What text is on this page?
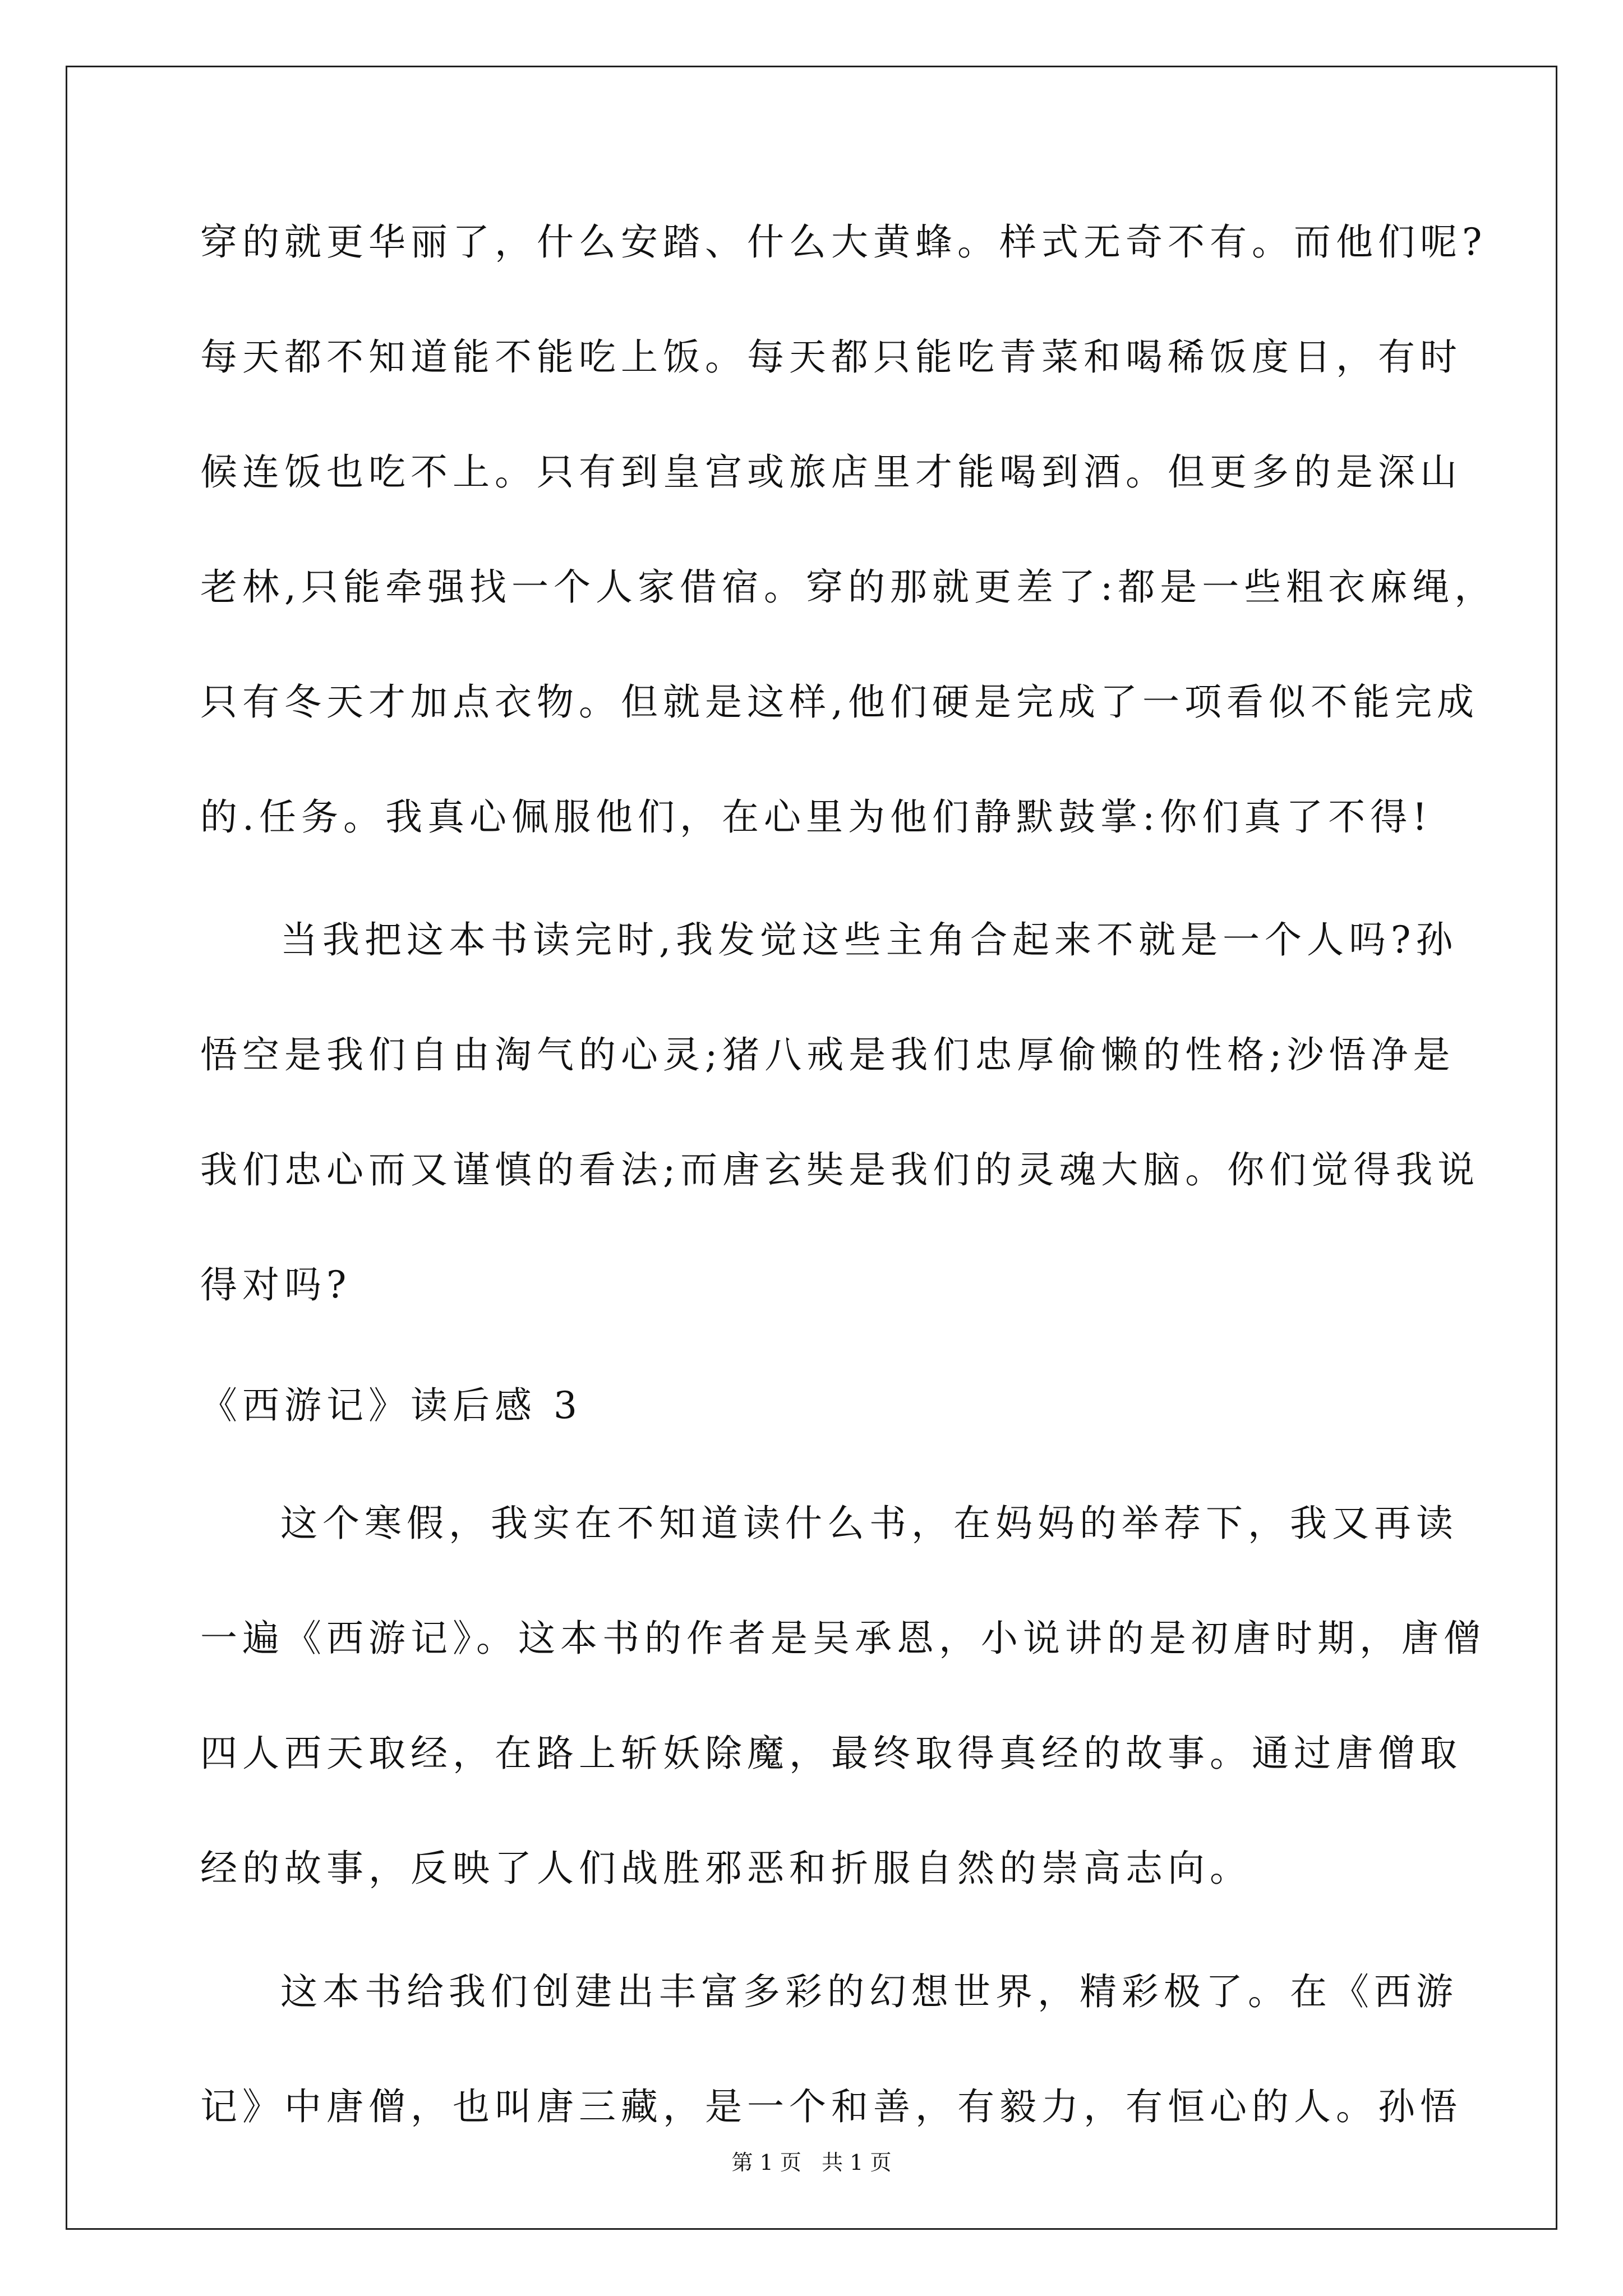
穿的就更华丽了，什么安踏、什么大黄蜂。样式无奇不有。而他们呢?
每天都不知道能不能吃上饭。每天都只能吃青菜和喝稀饭度日，有时
候连饭也吃不上。只有到皇宫或旅店里才能喝到酒。但更多的是深山
老林,只能牵强找一个人家借宿。穿的那就更差了:都是一些粗衣麻绳，
只有冬天才加点衣物。但就是这样,他们硬是完成了一项看似不能完成
的.任务。我真心佩服他们，在心里为他们静默鼓掌:你们真了不得!
当我把这本书读完时,我发觉这些主角合起来不就是一个人吗?孙
悟空是我们自由淘气的心灵;猪八戒是我们忠厚偷懒的性格;沙悟净是
我们忠心而又谨慎的看法;而唐玄奘是我们的灵魂大脑。你们觉得我说
得对吗?
《西游记》读后感 3
这个寒假，我实在不知道读什么书，在妈妈的举荐下，我又再读
一遍《西游记》。这本书的作者是吴承恩，小说讲的是初唐时期，唐僧
四人西天取经，在路上斩妖除魔，最终取得真经的故事。通过唐僧取
经的故事，反映了人们战胜邪恶和折服自然的崇高志向。
这本书给我们创建出丰富多彩的幻想世界，精彩极了。在《西游
记》中唐僧，也叫唐三藏，是一个和善，有毅力，有恒心的人。孙悟
第 1 页   共 1 页
